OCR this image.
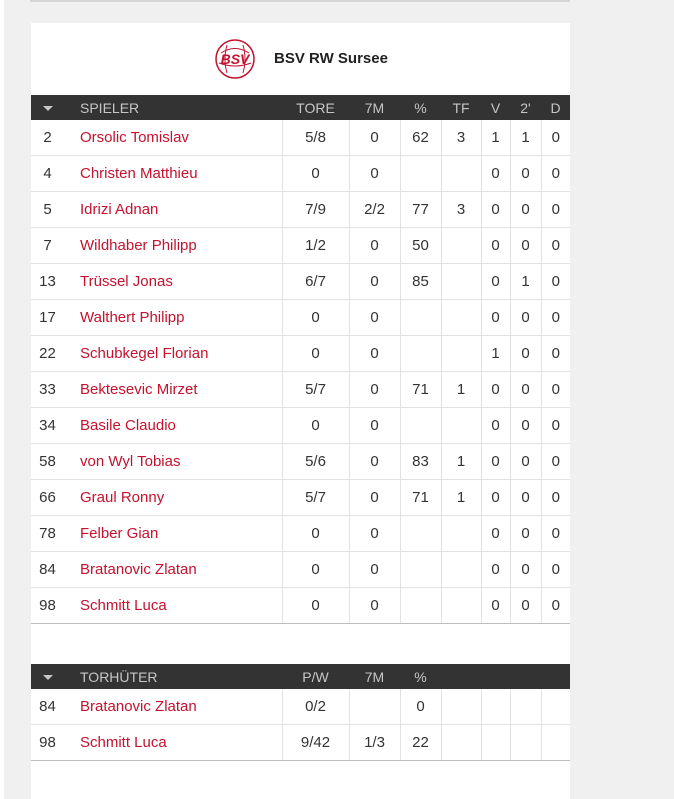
BSV BSV RW Sursee
	SPIELER	TORE	7M	%	TF	V	2'	D
2	Orsolic Tomislav	5/8	0	62	3	1	1	0
4	Christen Matthieu	0	0			0	0	0
5	Idrizi Adnan	7/9	2/2	77	3	0	0	0
7	Wildhaber Philipp	1/2	0	50		0	0	0
13	Trüssel Jonas	6/7	0	85		0	1	0
17	Walthert Philipp	0	0			0	0	0
22	Schubkegel Florian	0	0			1	0	0
33	Bektesevic Mirzet	5/7	0	71	1	0	0	0
34	Basile Claudio	0	0			0	0	0
58	von Wyl Tobias	5/6	0	83	1	0	0	0
66	Graul Ronny	5/7	0	71	1	0	0	0
78	Felber Gian	0	0			0	0	0
84	Bratanovic Zlatan	0	0			0	0	0
98	Schmitt Luca	0	0			0	0	0
	TORHÜTER	P/W	7M	%				
84	Bratanovic Zlatan	0/2		0				
98	Schmitt Luca	9/42	1/3	22				
